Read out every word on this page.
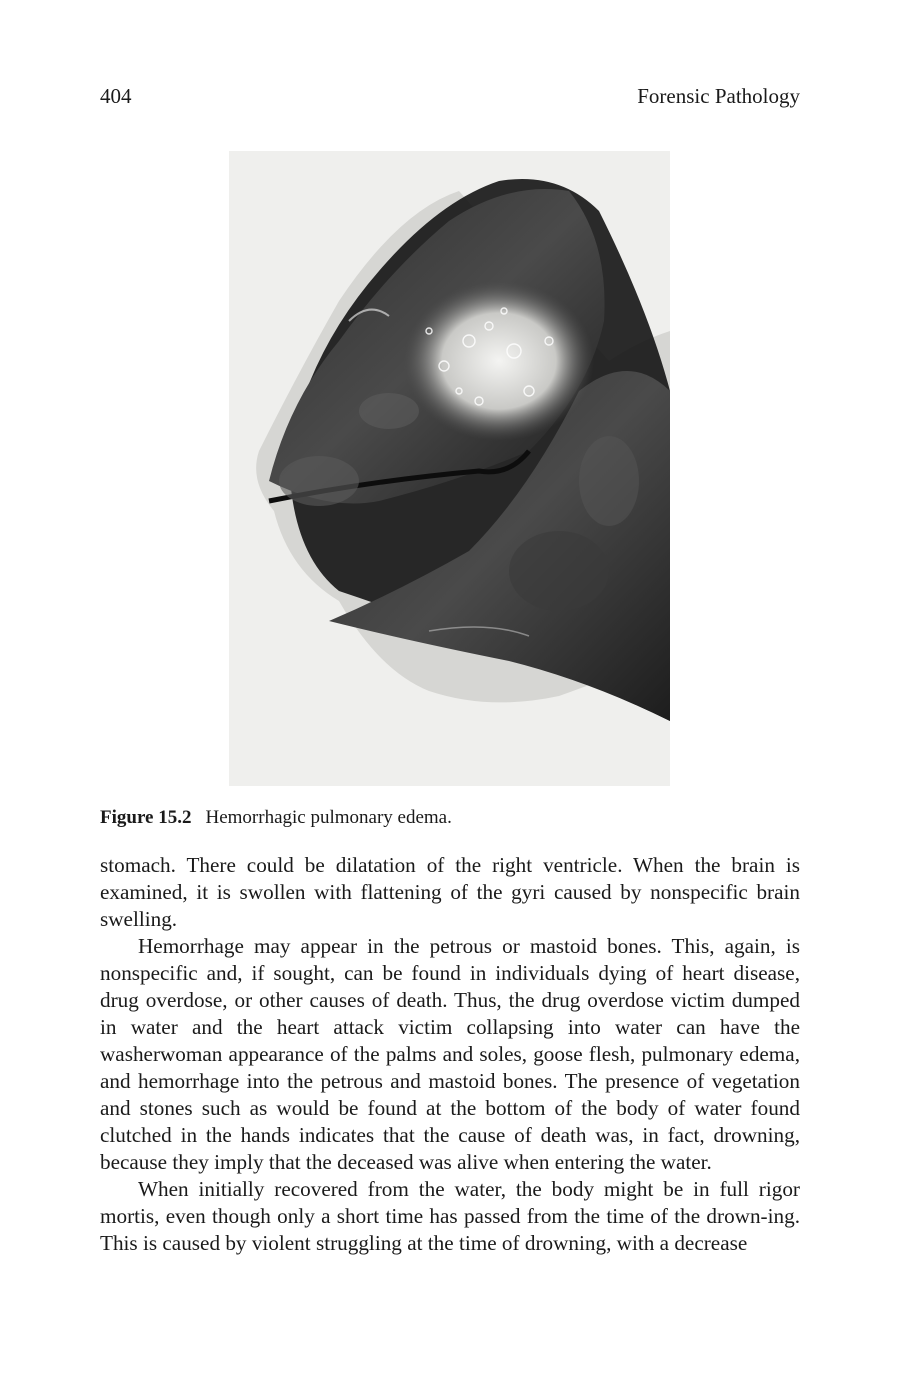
404	Forensic Pathology
Figure 15.2 Hemorrhagic pulmonary edema.

stomach. There could be dilatation of the right ventricle. When the brain is examined, it is swollen with flattening of the gyri caused by nonspecific brain swelling.

Hemorrhage may appear in the petrous or mastoid bones. This, again, is nonspecific and, if sought, can be found in individuals dying of heart disease, drug overdose, or other causes of death. Thus, the drug overdose victim dumped in water and the heart attack victim collapsing into water can have the washerwoman appearance of the palms and soles, goose flesh, pulmonary edema, and hemorrhage into the petrous and mastoid bones. The presence of vegetation and stones such as would be found at the bottom of the body of water found clutched in the hands indicates that the cause of death was, in fact, drowning, because they imply that the deceased was alive when entering the water.

When initially recovered from the water, the body might be in full rigor mortis, even though only a short time has passed from the time of the drown-ing. This is caused by violent struggling at the time of drowning, with a decrease
